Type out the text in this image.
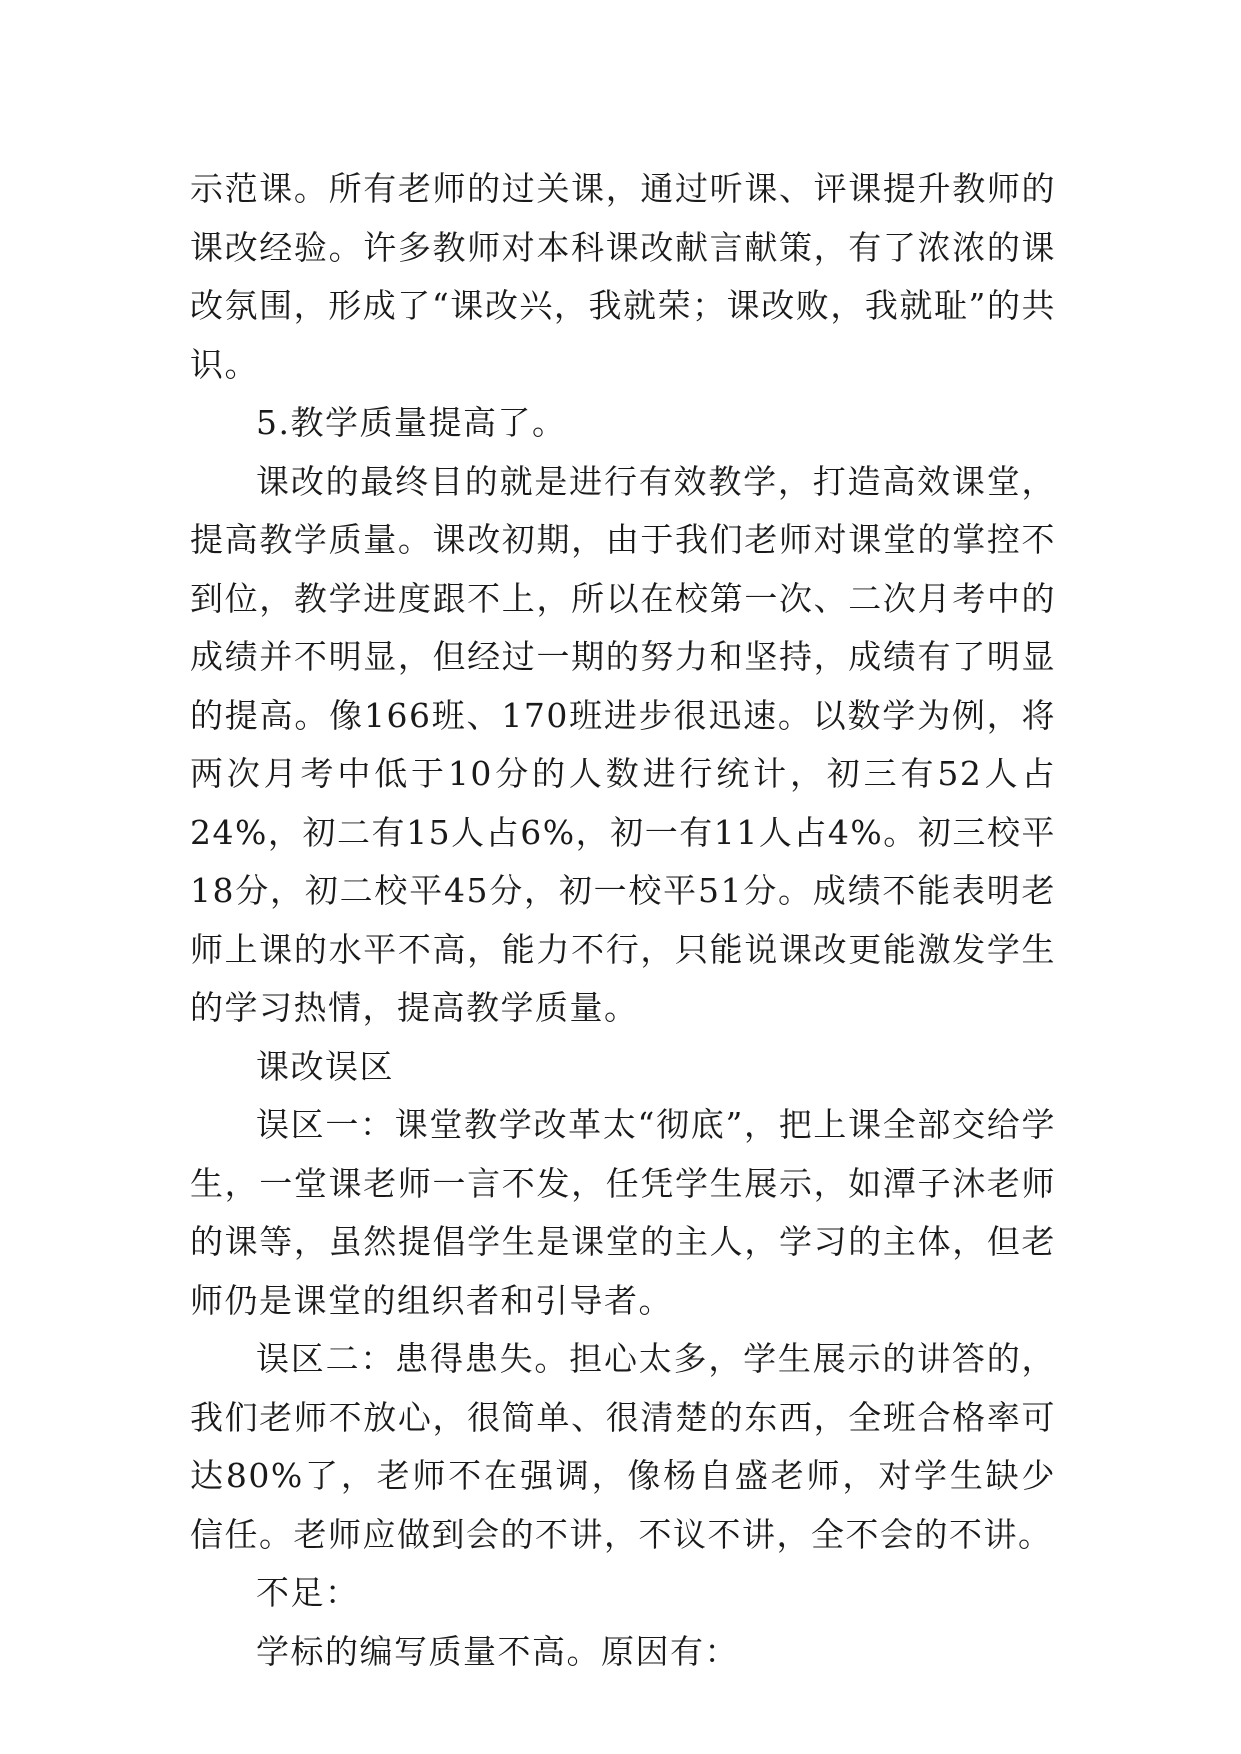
示范课。所有老师的过关课，通过听课、评课提升教师的课改经验。许多教师对本科课改献言献策，有了浓浓的课改氛围，形成了“课改兴，我就荣；课改败，我就耻”的共识。

5.教学质量提高了。

课改的最终目的就是进行有效教学，打造高效课堂，提高教学质量。课改初期，由于我们老师对课堂的掌控不到位，教学进度跟不上，所以在校第一次、二次月考中的成绩并不明显，但经过一期的努力和坚持，成绩有了明显的提高。像166班、170班进步很迅速。以数学为例，将两次月考中低于10分的人数进行统计，初三有52人占24%，初二有15人占6%，初一有11人占4%。初三校平18分，初二校平45分，初一校平51分。成绩不能表明老师上课的水平不高，能力不行，只能说课改更能激发学生的学习热情，提高教学质量。

课改误区

误区一：课堂教学改革太“彻底”，把上课全部交给学生，一堂课老师一言不发，任凭学生展示，如潭子沐老师的课等，虽然提倡学生是课堂的主人，学习的主体，但老师仍是课堂的组织者和引导者。

误区二：患得患失。担心太多，学生展示的讲答的，我们老师不放心，很简单、很清楚的东西，全班合格率可达80%了，老师不在强调，像杨自盛老师，对学生缺少信任。老师应做到会的不讲，不议不讲，全不会的不讲。

不足：

学标的编写质量不高。原因有：
